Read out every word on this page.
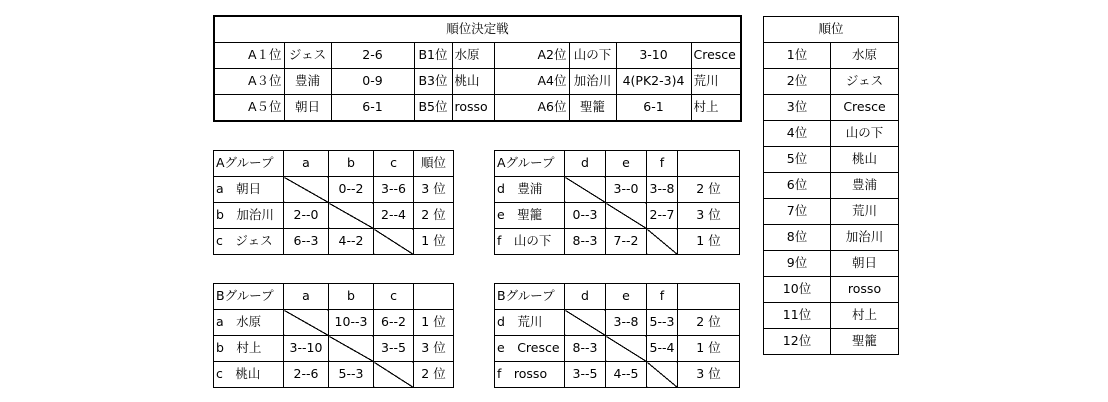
順位決定戦								
A１位	ジェス	2-6	B1位	水原	A2位	山の下	3-10	Cresce
A３位	豊浦	0-9	B3位	桃山	A4位	加治川	4(PK2-3)4	荒川
A５位	朝日	6-1	B5位	rosso	A6位	聖籠	6-1	村上
順位	
1位	水原
2位	ジェス
3位	Cresce
4位	山の下
5位	桃山
6位	豊浦
7位	荒川
8位	加治川
9位	朝日
10位	rosso
11位	村上
12位	聖籠
Aグループ	a	b	c	順位
a　朝日		0--2	3--6	3 位
b　加治川	2--0		2--4	2 位
c　ジェス	6--3	4--2		1 位
Aグループ	d	e	f	
d　豊浦		3--0	3--8	2 位
e　聖籠	0--3		2--7	3 位
f　山の下	8--3	7--2		1 位
Bグループ	a	b	c	
a　水原		10--3	6--2	1 位
b　村上	3--10		3--5	3 位
c　桃山	2--6	5--3		2 位
Bグループ	d	e	f	
d　荒川		3--8	5--3	2 位
e　Cresce	8--3		5--4	1 位
f　rosso	3--5	4--5		3 位
